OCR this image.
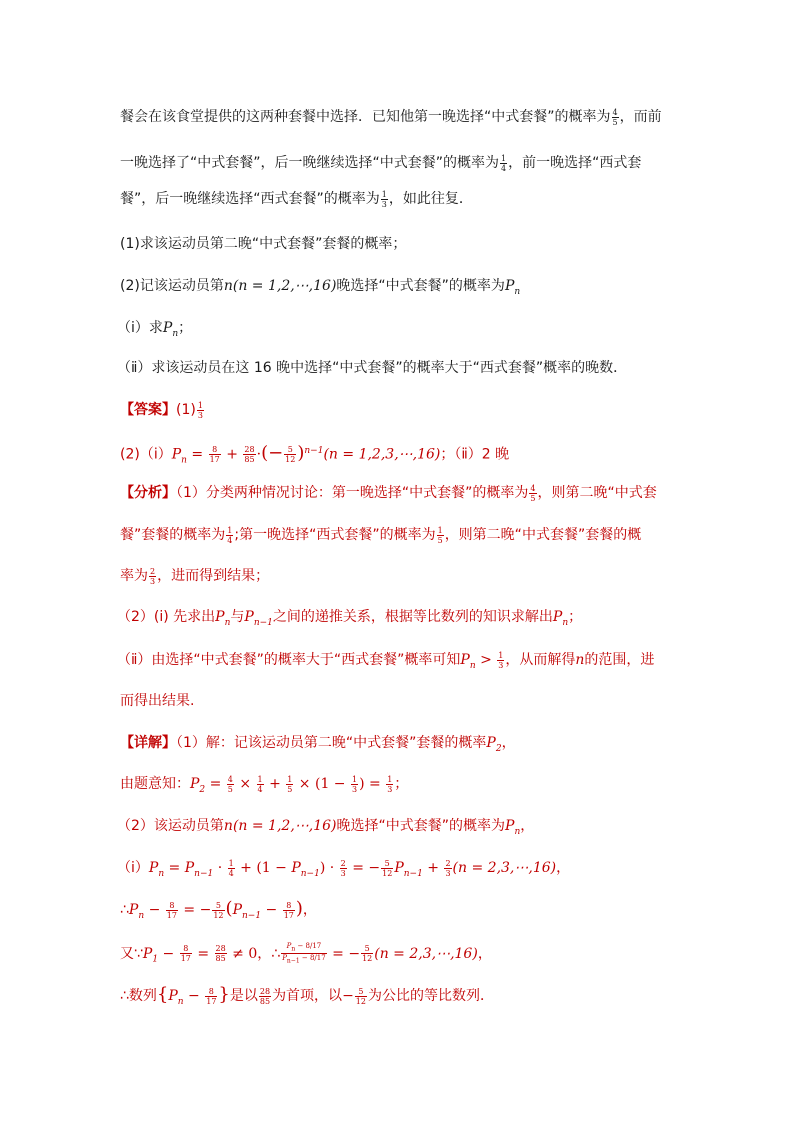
餐会在该食堂提供的这两种套餐中选择．已知他第一晚选择“中式套餐”的概率为 $\frac{4}{5}$ ，而前
一晚选择了“中式套餐”，后一晚继续选择“中式套餐”的概率为 $\frac{1}{4}$ ，前一晚选择“西式套
餐”，后一晚继续选择“西式套餐”的概率为 $\frac{1}{3}$ ，如此往复．
(1)求该运动员第二晚“中式套餐”套餐的概率；
(2)记该运动员第n(n = 1,2,⋯,16)晚选择“中式套餐”的概率为$P_n$
（ⅰ）求$P_n$；
（ⅱ）求该运动员在这 16 晚中选择“中式套餐”的概率大于“西式套餐”概率的晚数．
【答案】$(1) \frac{1}{3}$
$(2)(ⅰ)P_n = \frac{8}{17} + \frac{28}{85}$ ·(− $\frac{5}{12} )^{n-1}(n$ = 1,2,3,⋯,16)；（ⅱ）2 晚
【分析】（1）分类两种情况讨论：第一晚选择“中式套餐”的概率为 $\frac{4}{5}$ ，则第二晚“中式套
餐”套餐的概率为 $\frac{1}{4}$ ;第一晚选择“西式套餐”的概率为 $\frac{1}{5}$ ，则第二晚“中式套餐”套餐的概
率为 $\frac{2}{3}$ ，进而得到结果；
（2）(ⅰ) 先求出$P_n$与$P_{n-1}$之间的递推关系，根据等比数列的知识求解出$P_n$；
（ⅱ）由选择“中式套餐”的概率大于“西式套餐”概率可知$P_n > \frac{1}{3}$ ，从而解得n的范围，进
而得出结果.
【详解】（1）解：记该运动员第二晚“中式套餐”套餐的概率$P_2$，
由题意知：$P_2 = \frac{4}{5} \times \frac{1}{4} + \frac{1}{5} \times (1 - \frac{1}{3}$ ) = $\frac{1}{3}$ ；
（2）该运动员第n(n = 1,2,⋯,16)晚选择“中式套餐”的概率为$P_n$，
$(ⅰ)P_n = P_{n-1} \cdot \frac{1}{4} + (1 - P_{n-1}) \cdot \frac{2}{3}$ = − $\frac{5}{12} P_{n-1} + \frac{2}{3} (n$ = 2,3,⋯,16)，
$\therefore P_n - \frac{8}{17}$ = − $\frac{5}{12} (P_{n-1} - \frac{8}{17}$ )，
又$\because P_1 - \frac{8}{17} = \frac{28}{85} \ne 0$，∴ $\frac{P_n - 8/17}{P_{n-1} - 8/17}$ = − $\frac{5}{12} (n$ = 2,3,⋯,16)，
∴数列{$P_n - \frac{8}{17}$ }是以 $\frac{28}{85}$ 为首项，以− $\frac{5}{12}$ 为公比的等比数列．
